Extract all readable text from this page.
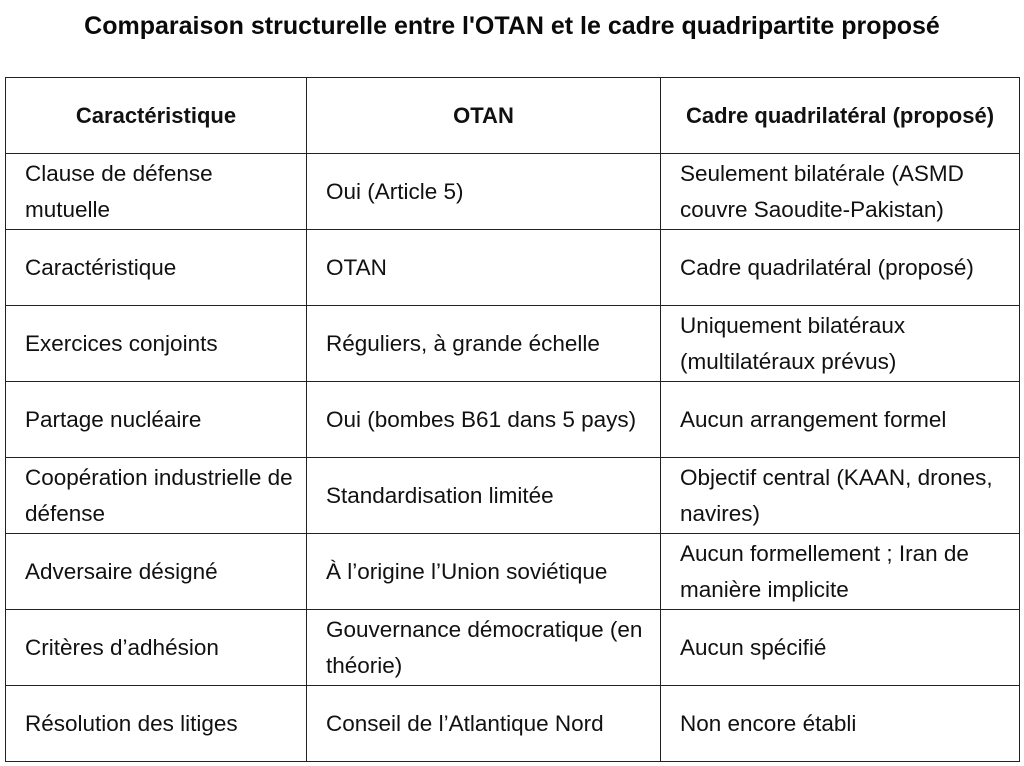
Comparaison structurelle entre l'OTAN et le cadre quadripartite proposé
Caractéristique	OTAN	Cadre quadrilatéral (proposé)
Clause de défense mutuelle	Oui (Article 5)	Seulement bilatérale (ASMD couvre Saoudite-Pakistan)
Caractéristique	OTAN	Cadre quadrilatéral (proposé)
Exercices conjoints	Réguliers, à grande échelle	Uniquement bilatéraux (multilatéraux prévus)
Partage nucléaire	Oui (bombes B61 dans 5 pays)	Aucun arrangement formel
Coopération industrielle de défense	Standardisation limitée	Objectif central (KAAN, drones, navires)
Adversaire désigné	À l’origine l’Union soviétique	Aucun formellement ; Iran de manière implicite
Critères d’adhésion	Gouvernance démocratique (en théorie)	Aucun spécifié
Résolution des litiges	Conseil de l’Atlantique Nord	Non encore établi
